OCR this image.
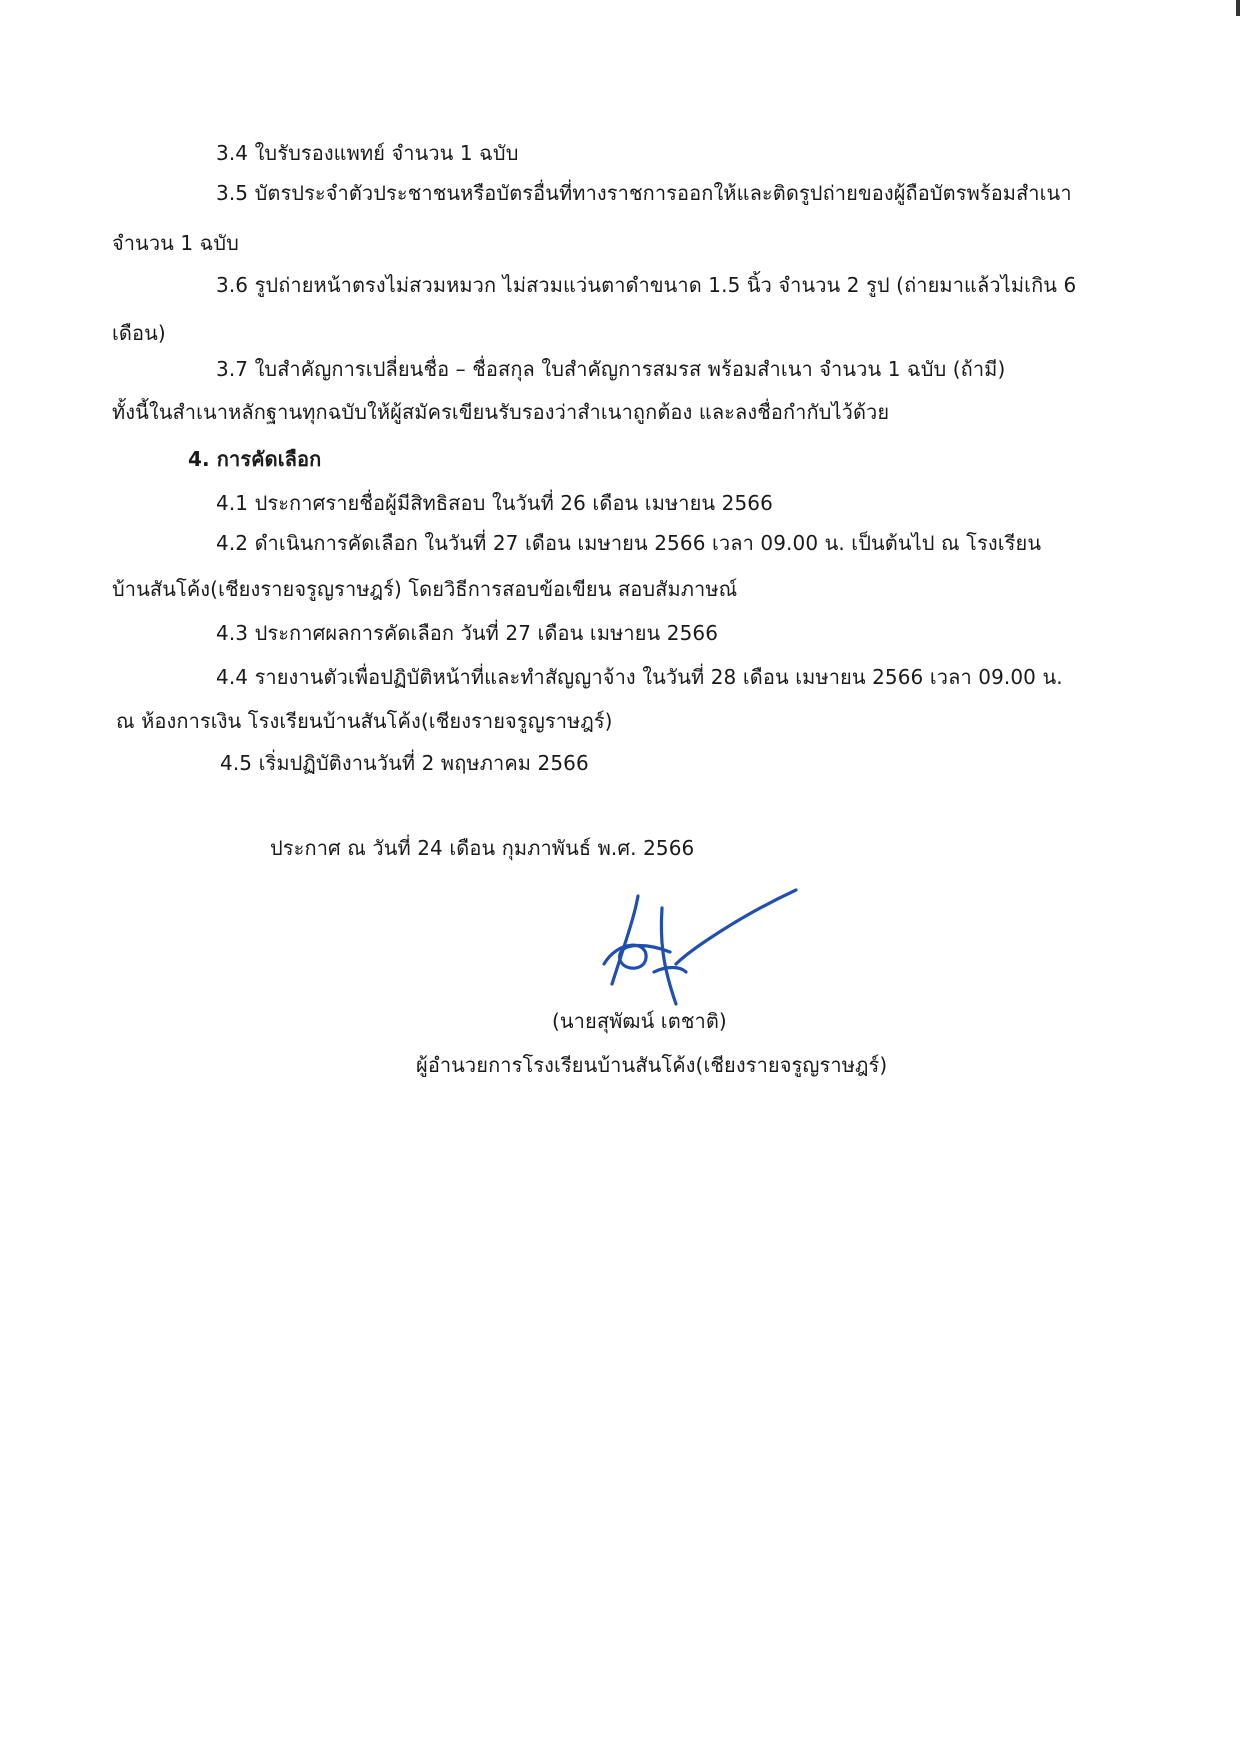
3.4 ใบรับรองแพทย์ จำนวน 1 ฉบับ
3.5 บัตรประจำตัวประชาชนหรือบัตรอื่นที่ทางราชการออกให้และติดรูปถ่ายของผู้ถือบัตรพร้อมสำเนา
จำนวน 1 ฉบับ
3.6 รูปถ่ายหน้าตรงไม่สวมหมวก ไม่สวมแว่นตาดำขนาด 1.5 นิ้ว จำนวน 2 รูป (ถ่ายมาแล้วไม่เกิน 6
เดือน)
3.7 ใบสำคัญการเปลี่ยนชื่อ – ชื่อสกุล ใบสำคัญการสมรส พร้อมสำเนา จำนวน 1 ฉบับ (ถ้ามี)
ทั้งนี้ในสำเนาหลักฐานทุกฉบับให้ผู้สมัครเขียนรับรองว่าสำเนาถูกต้อง และลงชื่อกำกับไว้ด้วย
4. การคัดเลือก
4.1 ประกาศรายชื่อผู้มีสิทธิสอบ ในวันที่ 26 เดือน เมษายน 2566
4.2 ดำเนินการคัดเลือก ในวันที่ 27 เดือน เมษายน 2566 เวลา 09.00 น. เป็นต้นไป ณ โรงเรียน
บ้านสันโค้ง(เชียงรายจรูญราษฎร์) โดยวิธีการสอบข้อเขียน สอบสัมภาษณ์
4.3 ประกาศผลการคัดเลือก วันที่ 27 เดือน เมษายน 2566
4.4 รายงานตัวเพื่อปฏิบัติหน้าที่และทำสัญญาจ้าง ในวันที่ 28 เดือน เมษายน 2566 เวลา 09.00 น.
ณ ห้องการเงิน โรงเรียนบ้านสันโค้ง(เชียงรายจรูญราษฎร์)
4.5 เริ่มปฏิบัติงานวันที่ 2 พฤษภาคม 2566
ประกาศ ณ วันที่ 24 เดือน กุมภาพันธ์ พ.ศ. 2566
(นายสุพัฒน์ เตชาติ)
ผู้อำนวยการโรงเรียนบ้านสันโค้ง(เชียงรายจรูญราษฎร์)
